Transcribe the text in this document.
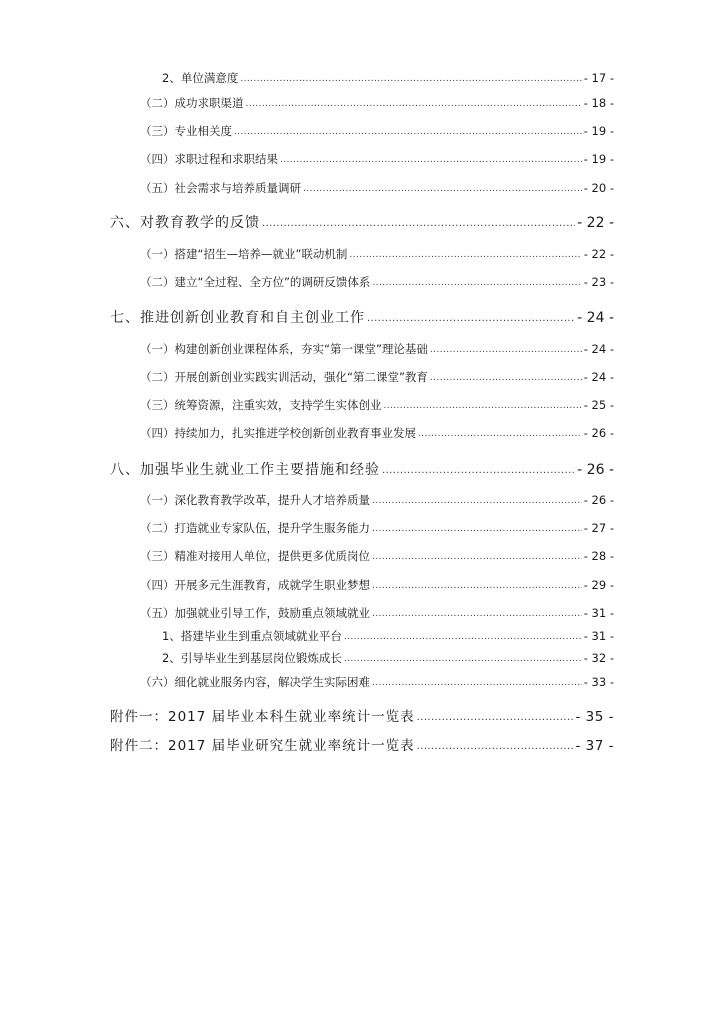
2、单位满意度 .....	- 17 -
（二）成功求职渠道 .....	- 18 -
（三）专业相关度 .....	- 19 -
（四）求职过程和求职结果 .....	- 19 -
（五）社会需求与培养质量调研 .....	- 20 -
六、对教育教学的反馈 .....	- 22 -
（一）搭建“招生—培养—就业”联动机制 .....	- 22 -
（二）建立“全过程、全方位”的调研反馈体系 .....	- 23 -
七、推进创新创业教育和自主创业工作 .....	- 24 -
（一）构建创新创业课程体系，夯实“第一课堂”理论基础 .....	- 24 -
（二）开展创新创业实践实训活动，强化“第二课堂”教育 .....	- 24 -
（三）统筹资源，注重实效，支持学生实体创业 .....	- 25 -
（四）持续加力，扎实推进学校创新创业教育事业发展 .....	- 26 -
八、加强毕业生就业工作主要措施和经验 .....	- 26 -
（一）深化教育教学改革，提升人才培养质量 .....	- 26 -
（二）打造就业专家队伍，提升学生服务能力 .....	- 27 -
（三）精准对接用人单位，提供更多优质岗位 .....	- 28 -
（四）开展多元生涯教育，成就学生职业梦想 .....	- 29 -
（五）加强就业引导工作，鼓励重点领域就业 .....	- 31 -
1、搭建毕业生到重点领域就业平台 .....	- 31 -
2、引导毕业生到基层岗位锻炼成长 .....	- 32 -
（六）细化就业服务内容，解决学生实际困难 .....	- 33 -
附件一：2017 届毕业本科生就业率统计一览表 .....	- 35 -
附件二：2017 届毕业研究生就业率统计一览表 .....	- 37 -
